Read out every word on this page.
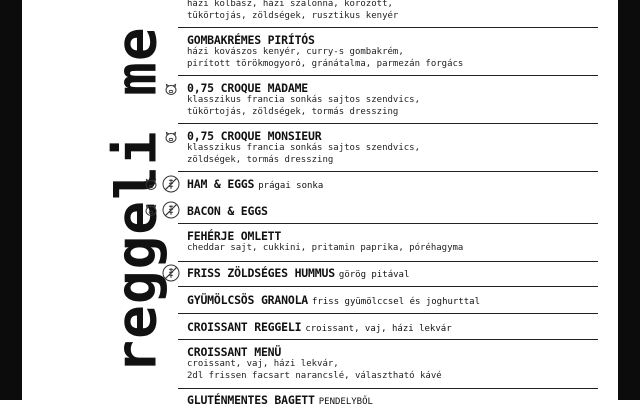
reggeli me
házi kolbász, házi szalonna, körözött,
tükörtojás, zöldségek, rusztikus kenyér
GOMBAKRÉMES PIRÍTÓS
házi kovászos kenyér, curry-s gombakrém,
pirított törökmogyoró, gránátalma, parmezán forgács
0,75 CROQUE MADAME
klasszikus francia sonkás sajtos szendvics,
tükörtojás, zöldségek, tormás dresszing
0,75 CROQUE MONSIEUR
klasszikus francia sonkás sajtos szendvics,
zöldségek, tormás dresszing
HAM & EGGS prágai sonka
BACON & EGGS
FEHÉRJE OMLETT
cheddar sajt, cukkini, pritamin paprika, póréhagyma
FRISS ZÖLDSÉGES HUMMUS görög pitával
GYÜMÖLCSÖS GRANOLA friss gyümölccsel és joghurttal
CROISSANT REGGELI croissant, vaj, házi lekvár
CROISSANT MENÜ
croissant, vaj, házi lekvár,
2dl frissen facsart narancslé, választható kávé
GLUTÉNMENTES BAGETT PENDELYBŐL
